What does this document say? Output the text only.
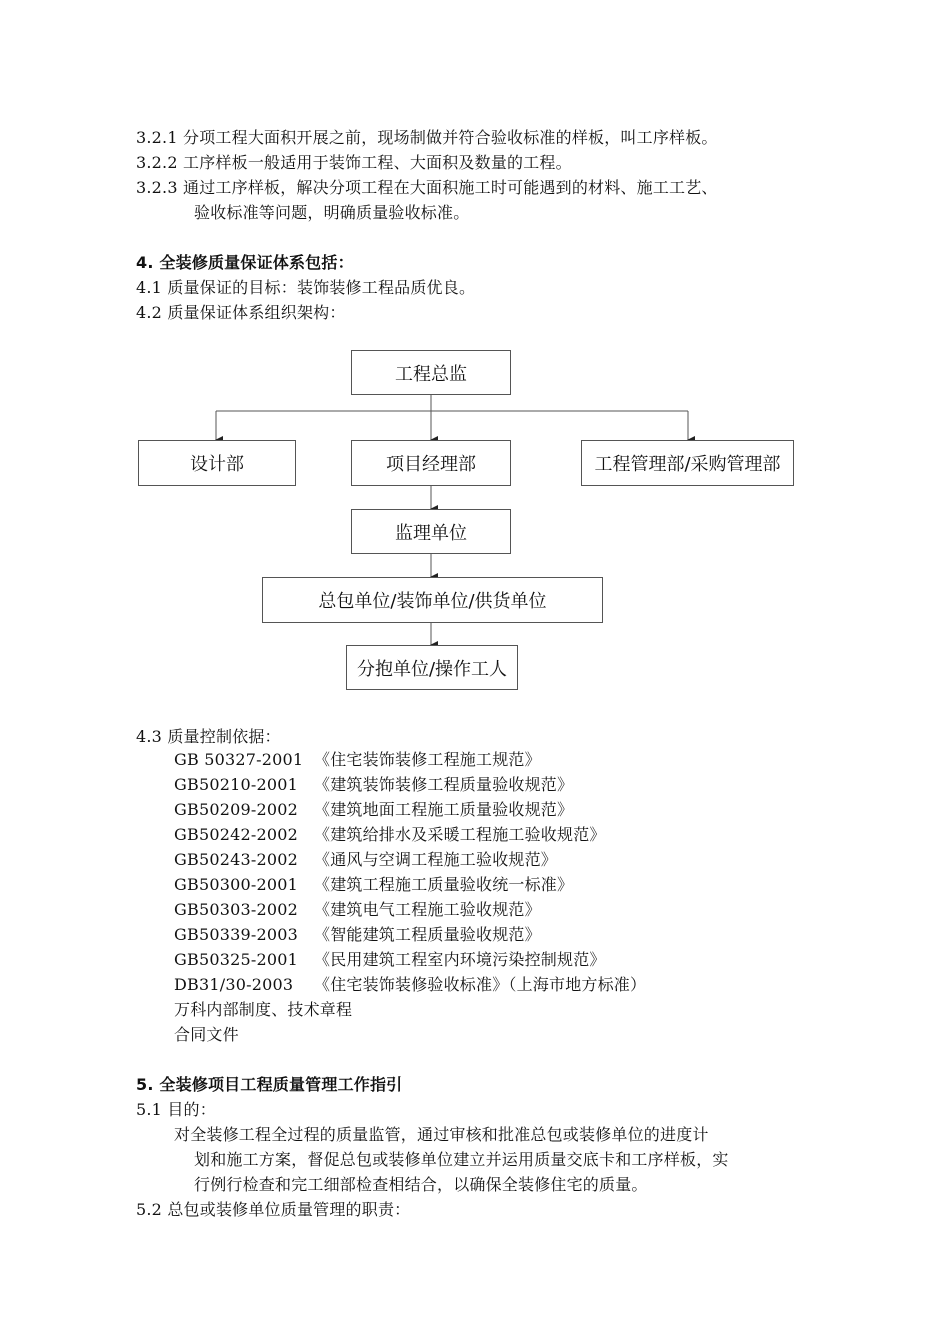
3.2.1 分项工程大面积开展之前，现场制做并符合验收标准的样板，叫工序样板。
3.2.2 工序样板一般适用于装饰工程、大面积及数量的工程。
3.2.3 通过工序样板，解决分项工程在大面积施工时可能遇到的材料、施工工艺、
验收标准等问题，明确质量验收标准。
4. 全装修质量保证体系包括：
4.1 质量保证的目标：装饰装修工程品质优良。
4.2 质量保证体系组织架构：
工程总监
设计部	项目经理部	工程管理部/采购管理部
监理单位
总包单位/装饰单位/供货单位
分抱单位/操作工人
4.3 质量控制依据：
GB 50327-2001 《住宅装饰装修工程施工规范》
GB50210-2001 《建筑装饰装修工程质量验收规范》
GB50209-2002 《建筑地面工程施工质量验收规范》
GB50242-2002 《建筑给排水及采暖工程施工验收规范》
GB50243-2002 《通风与空调工程施工验收规范》
GB50300-2001 《建筑工程施工质量验收统一标准》
GB50303-2002 《建筑电气工程施工验收规范》
GB50339-2003 《智能建筑工程质量验收规范》
GB50325-2001 《民用建筑工程室内环境污染控制规范》
DB31/30-2003 《住宅装饰装修验收标准》（上海市地方标准）
万科内部制度、技术章程
合同文件
5. 全装修项目工程质量管理工作指引
5.1 目的：
对全装修工程全过程的质量监管，通过审核和批准总包或装修单位的进度计
划和施工方案，督促总包或装修单位建立并运用质量交底卡和工序样板，实
行例行检查和完工细部检查相结合，以确保全装修住宅的质量。
5.2 总包或装修单位质量管理的职责：
